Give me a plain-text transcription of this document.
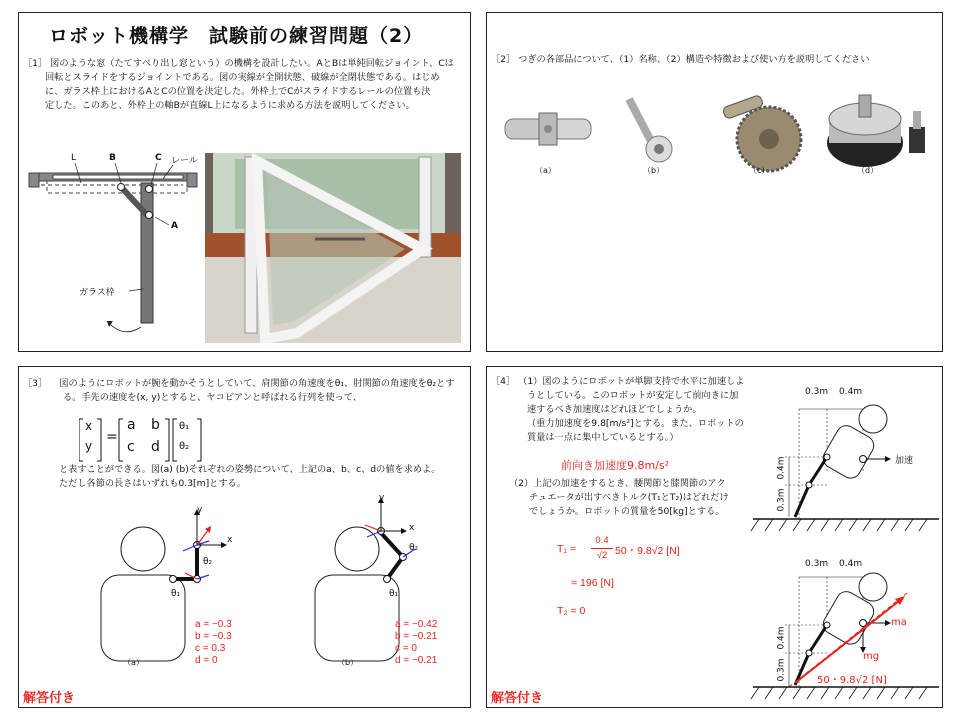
ロボット機構学　試験前の練習問題（2）
［1］ 図のような窓（たてすべり出し窓という）の機構を設計したい。AとBは単純回転ジョイント、Cは
回転とスライドをするジョイントである。図の実線が全開状態、破線が全閉状態である。はじめ
に、ガラス枠上におけるAとCの位置を決定した。外枠上でCがスライドするレールの位置も決
定した。このあと、外枠上の軸Bが直線L上になるように求める方法を説明してください。
L	B	C レール
A
ガラス枠
［2］ つぎの各部品について、（1）名称、（2）構造や特徴および使い方を説明してください
（a）	（b）	（c）	（d）
［3］ 　図のようにロボットが腕を動かそうとしていて、肩関節の角速度をθ₁、肘関節の角速度をθ₂とす
る。手先の速度を(x, y)とすると、ヤコビアンと呼ばれる行列を使って、
x
y
=
a b
c d
θ₁
θ₂
と表すことができる。図(a) (b)それぞれの姿勢について、上記のa、b、c、dの値を求めよ。
ただし各節の長さはいずれも0.3[m]とする。
y
x
θ₂
θ₁
（a）
a = −0.3
b = −0.3
c = 0.3
d = 0
y
x
θ₂
θ₁
（b）
a = −0.42
b = −0.21
c = 0
d = −0.21
解答付き
［4］ （1）図のようにロボットが単脚支持で水平に加速しよ
うとしている。このロボットが安定して前向きに加
速するべき加速度はどれほどでしょうか。
（重力加速度を9.8[m/s²]とする。また、ロボットの
質量は一点に集中しているとする。）
前向き加速度9.8m/s²
（2）上記の加速をするとき、腰関節と膝関節のアク
チュエータが出すべきトルク(T₁とT₂)はどれだけ
でしょうか。ロボットの質量を50[kg]とする。
T₁ =
0.4
√2 50・9.8√2 [N]
= 196 [N]
T₂ = 0
0.3m 0.4m
0.4m
0.3m
加速
0.3m 0.4m
0.4m
0.3m
ma
mg
50・9.8√2 [N]
解答付き
